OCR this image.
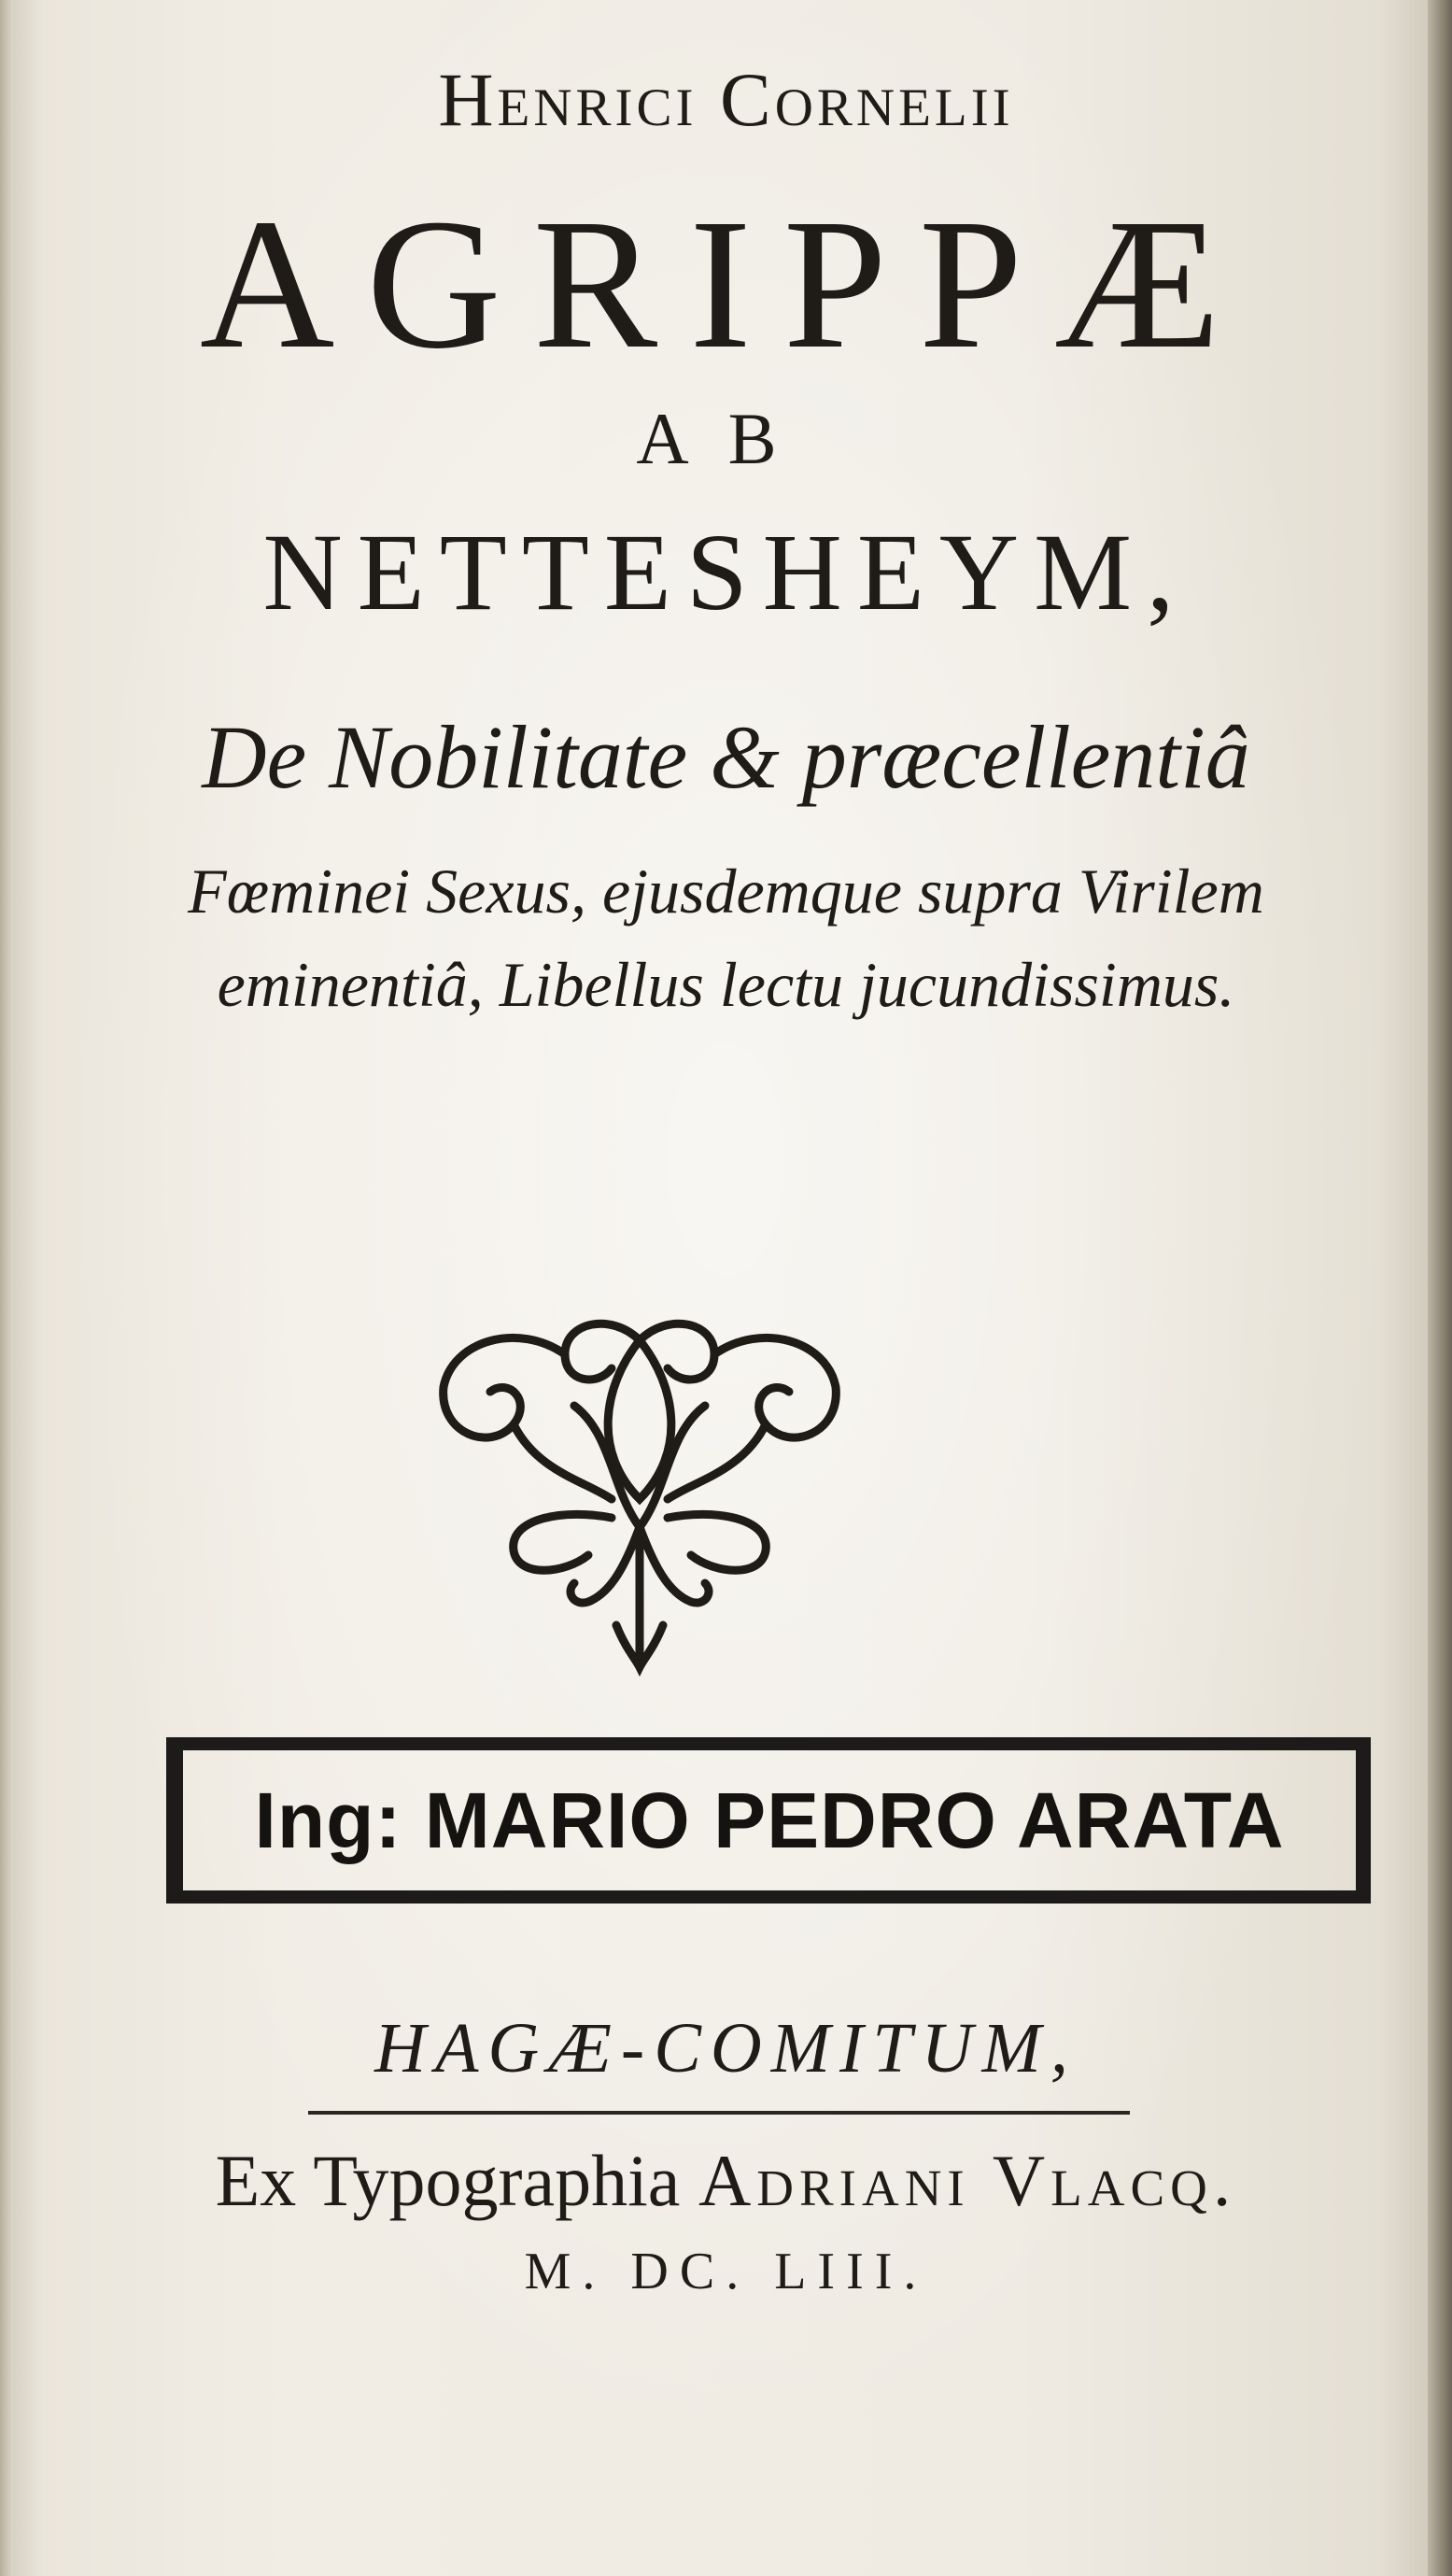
Henrici Cornelii
AGRIPPÆ
AB
NETTESHEYM,
De Nobilitate & præcellentiâ
Fœminei Sexus, ejusdemque supra Virilem
eminentiâ, Libellus lectu jucundissimus.
Ing: MARIO PEDRO ARATA
HAGÆ-COMITUM,
Ex Typographia Adriani Vlacq.
M. DC. LIII.
